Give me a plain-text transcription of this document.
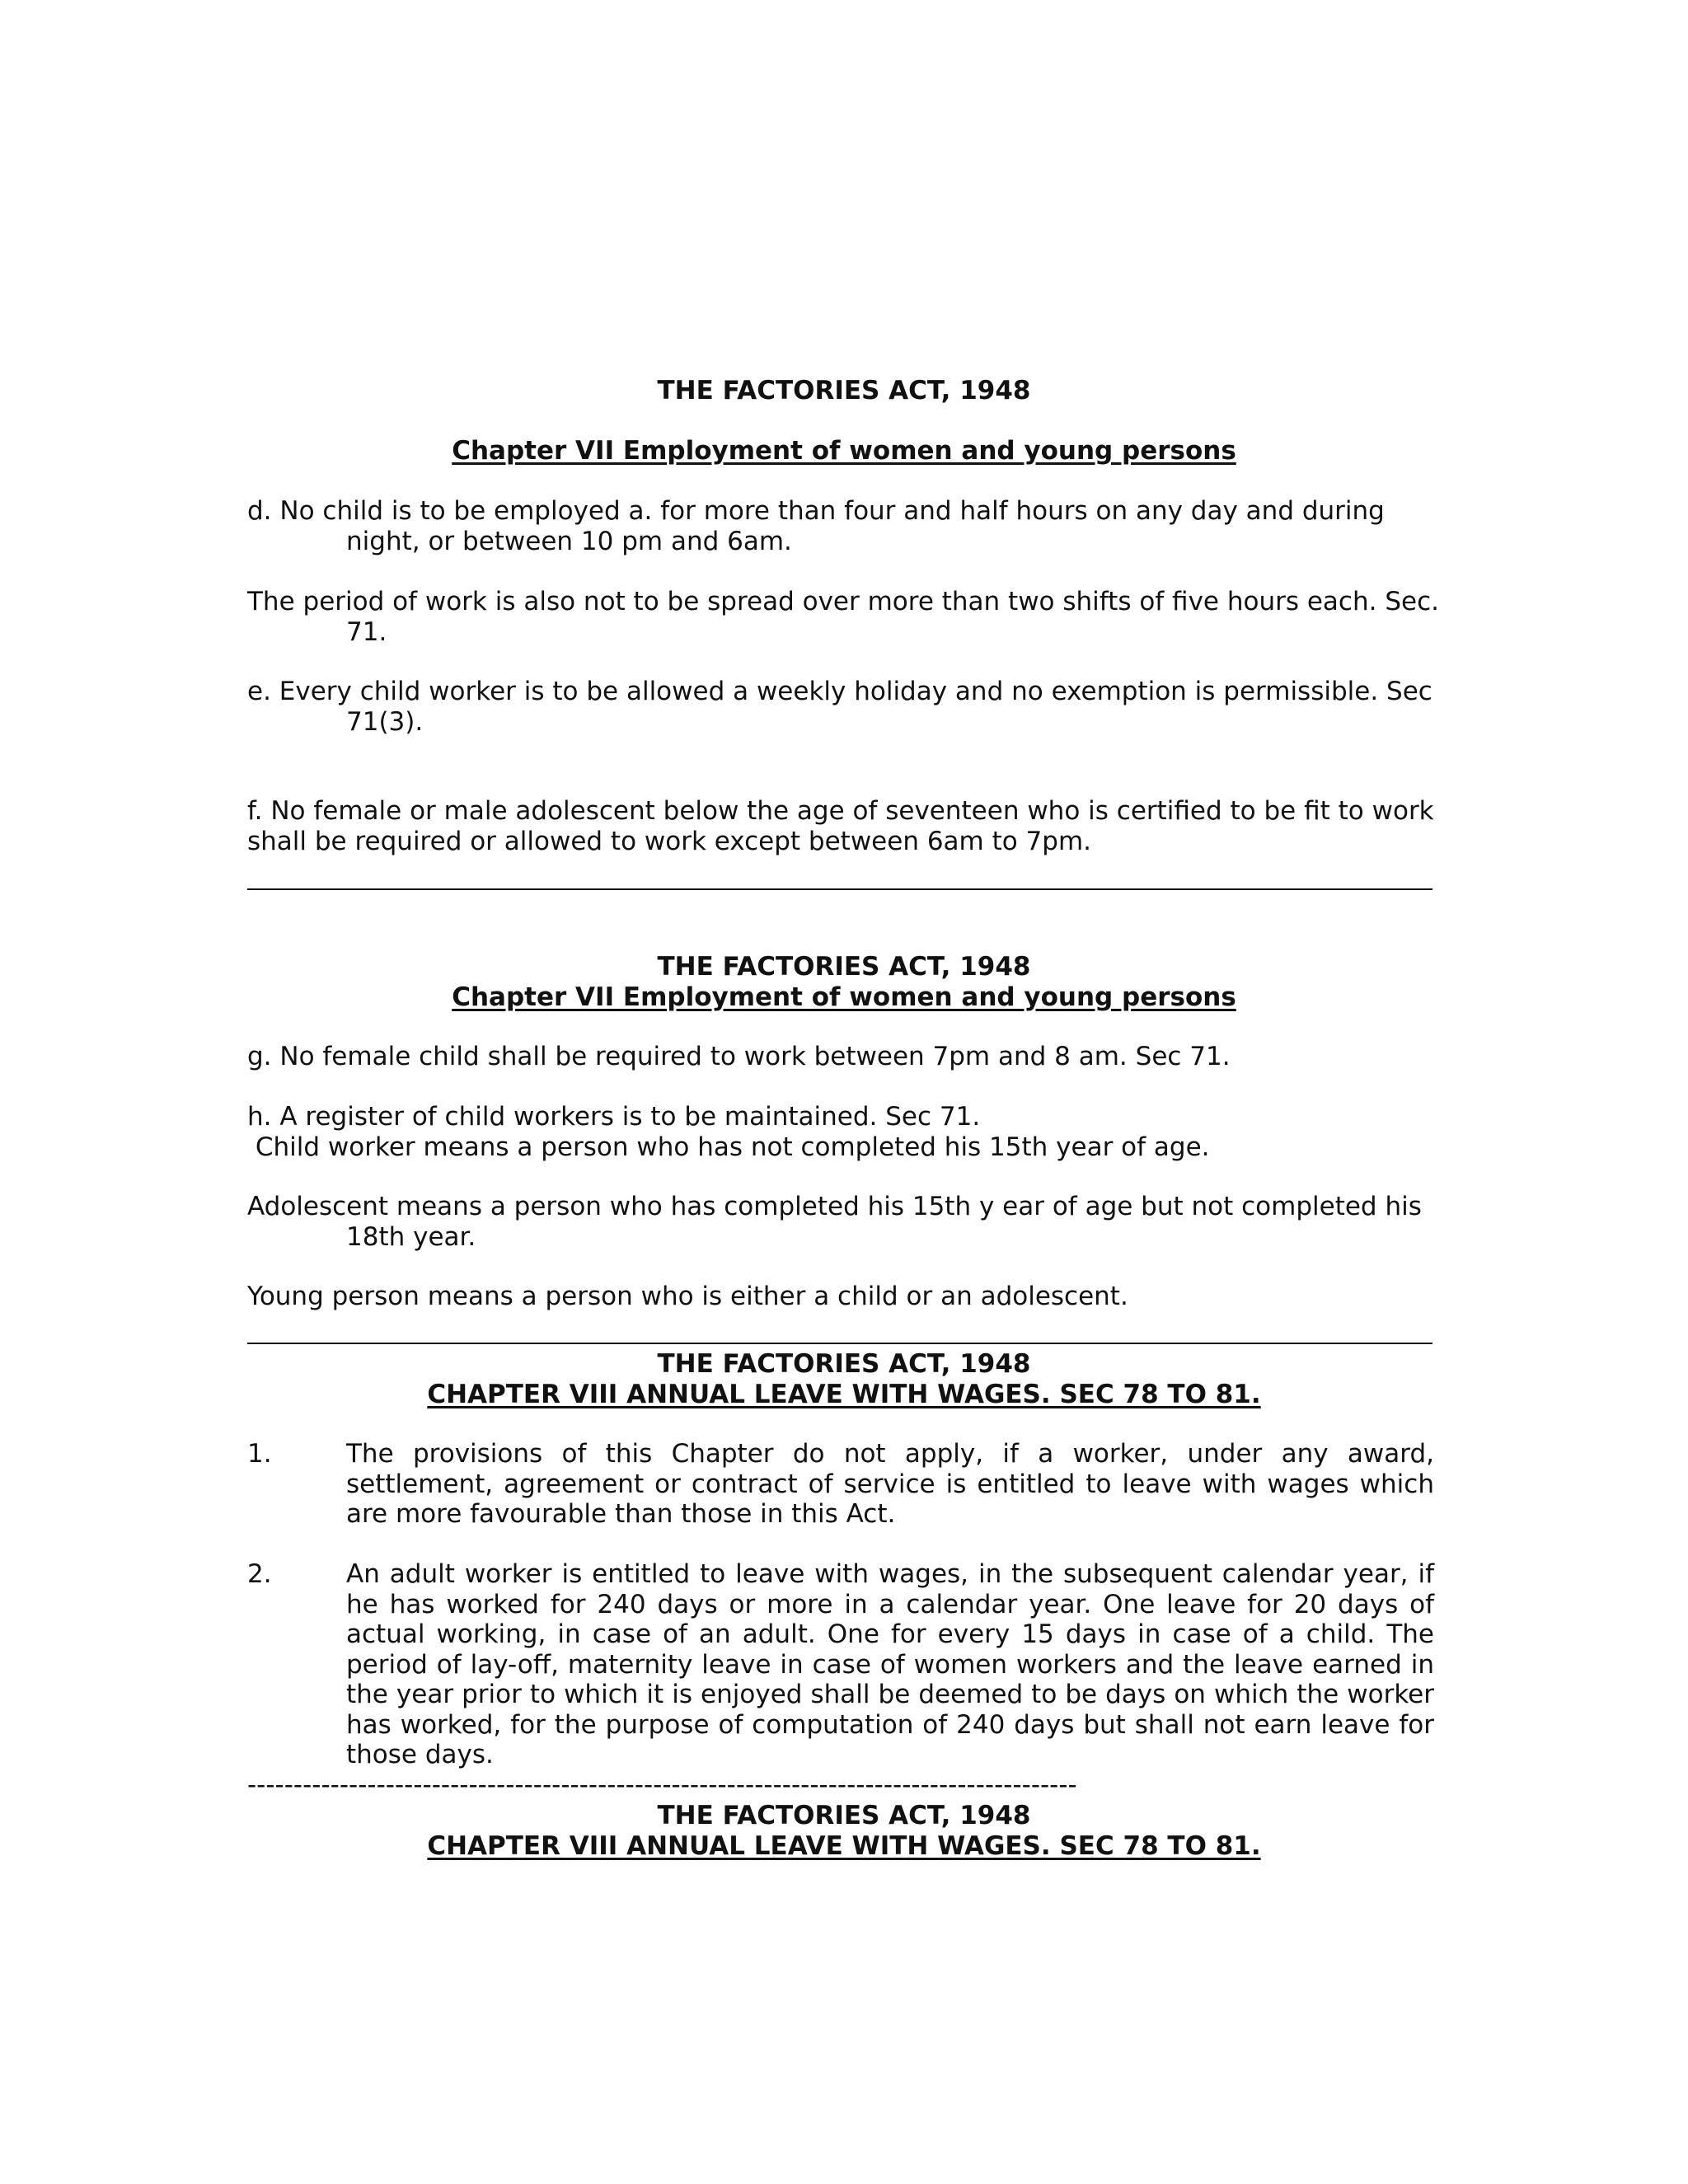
THE FACTORIES ACT, 1948
Chapter VII Employment of women and young persons
d. No child is to be employed a. for more than four and half hours on any day and during
night, or between 10 pm and 6am.
The period of work is also not to be spread over more than two shifts of five hours each. Sec.
71.
e. Every child worker is to be allowed a weekly holiday and no exemption is permissible. Sec
71(3).
f. No female or male adolescent below the age of seventeen who is certified to be fit to work
shall be required or allowed to work except between 6am to 7pm.
THE FACTORIES ACT, 1948
Chapter VII Employment of women and young persons
g. No female child shall be required to work between 7pm and 8 am. Sec 71.
h. A register of child workers is to be maintained. Sec 71.
Child worker means a person who has not completed his 15th year of age.
Adolescent means a person who has completed his 15th y ear of age but not completed his
18th year.
Young person means a person who is either a child or an adolescent.
THE FACTORIES ACT, 1948
CHAPTER VIII ANNUAL LEAVE WITH WAGES. SEC 78 TO 81.
1.	The provisions of this Chapter do not apply, if a worker, under any award, settlement, agreement or contract of service is entitled to leave with wages which are more favourable than those in this Act.
2.	An adult worker is entitled to leave with wages, in the subsequent calendar year, if he has worked for 240 days or more in a calendar year. One leave for 20 days of actual working, in case of an adult. One for every 15 days in case of a child. The period of lay-off, maternity leave in case of women workers and the leave earned in the year prior to which it is enjoyed shall be deemed to be days on which the worker has worked, for the purpose of computation of 240 days but shall not earn leave for those days.
------------------------------------------------------------------------------------------
THE FACTORIES ACT, 1948
CHAPTER VIII ANNUAL LEAVE WITH WAGES. SEC 78 TO 81.
